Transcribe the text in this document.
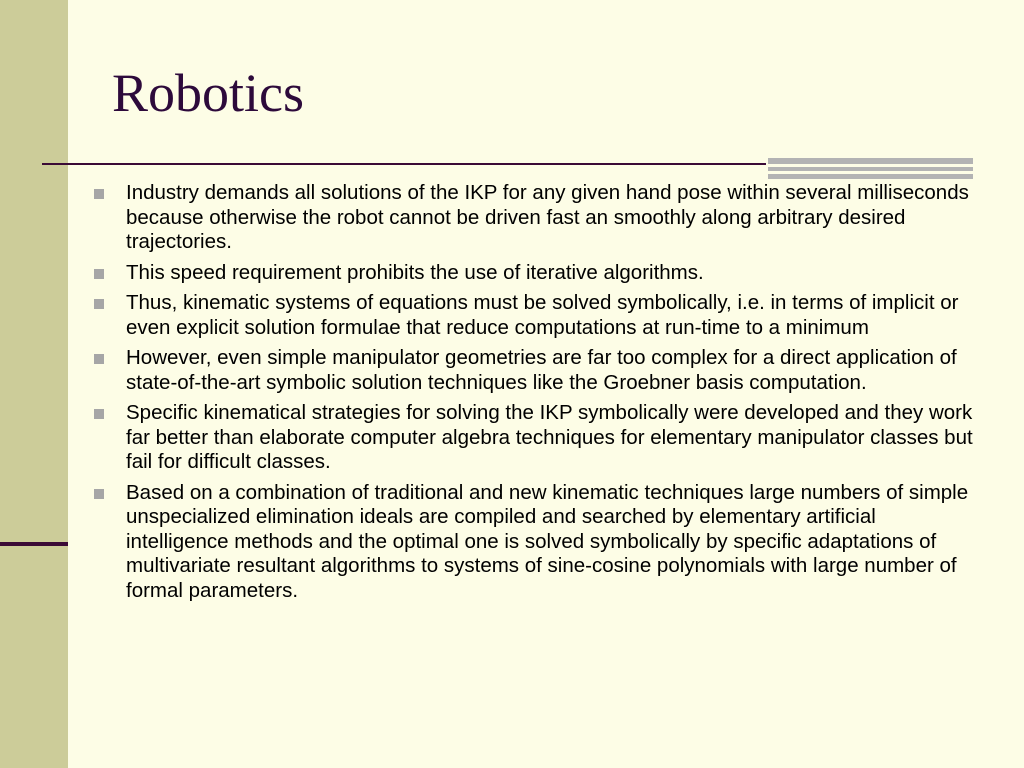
Robotics
Industry demands all solutions of the IKP for any given hand pose within several milliseconds because otherwise the robot cannot be driven fast an smoothly along arbitrary desired trajectories.
This speed requirement prohibits the use of iterative algorithms.
Thus, kinematic systems of equations must be solved symbolically, i.e. in terms of implicit or even explicit solution formulae that reduce computations at run-time to a minimum
However, even simple manipulator geometries are far too complex for a direct application of state-of-the-art symbolic solution techniques like the Groebner basis computation.
Specific kinematical strategies for solving the IKP symbolically were developed and they work far better than elaborate computer algebra techniques for elementary manipulator classes but fail for difficult classes.
Based on a combination of traditional and new kinematic techniques large numbers of simple unspecialized elimination ideals are compiled and searched by elementary artificial intelligence methods and the optimal one is solved symbolically by specific adaptations of multivariate resultant algorithms to systems of sine-cosine polynomials with large number of formal parameters.
